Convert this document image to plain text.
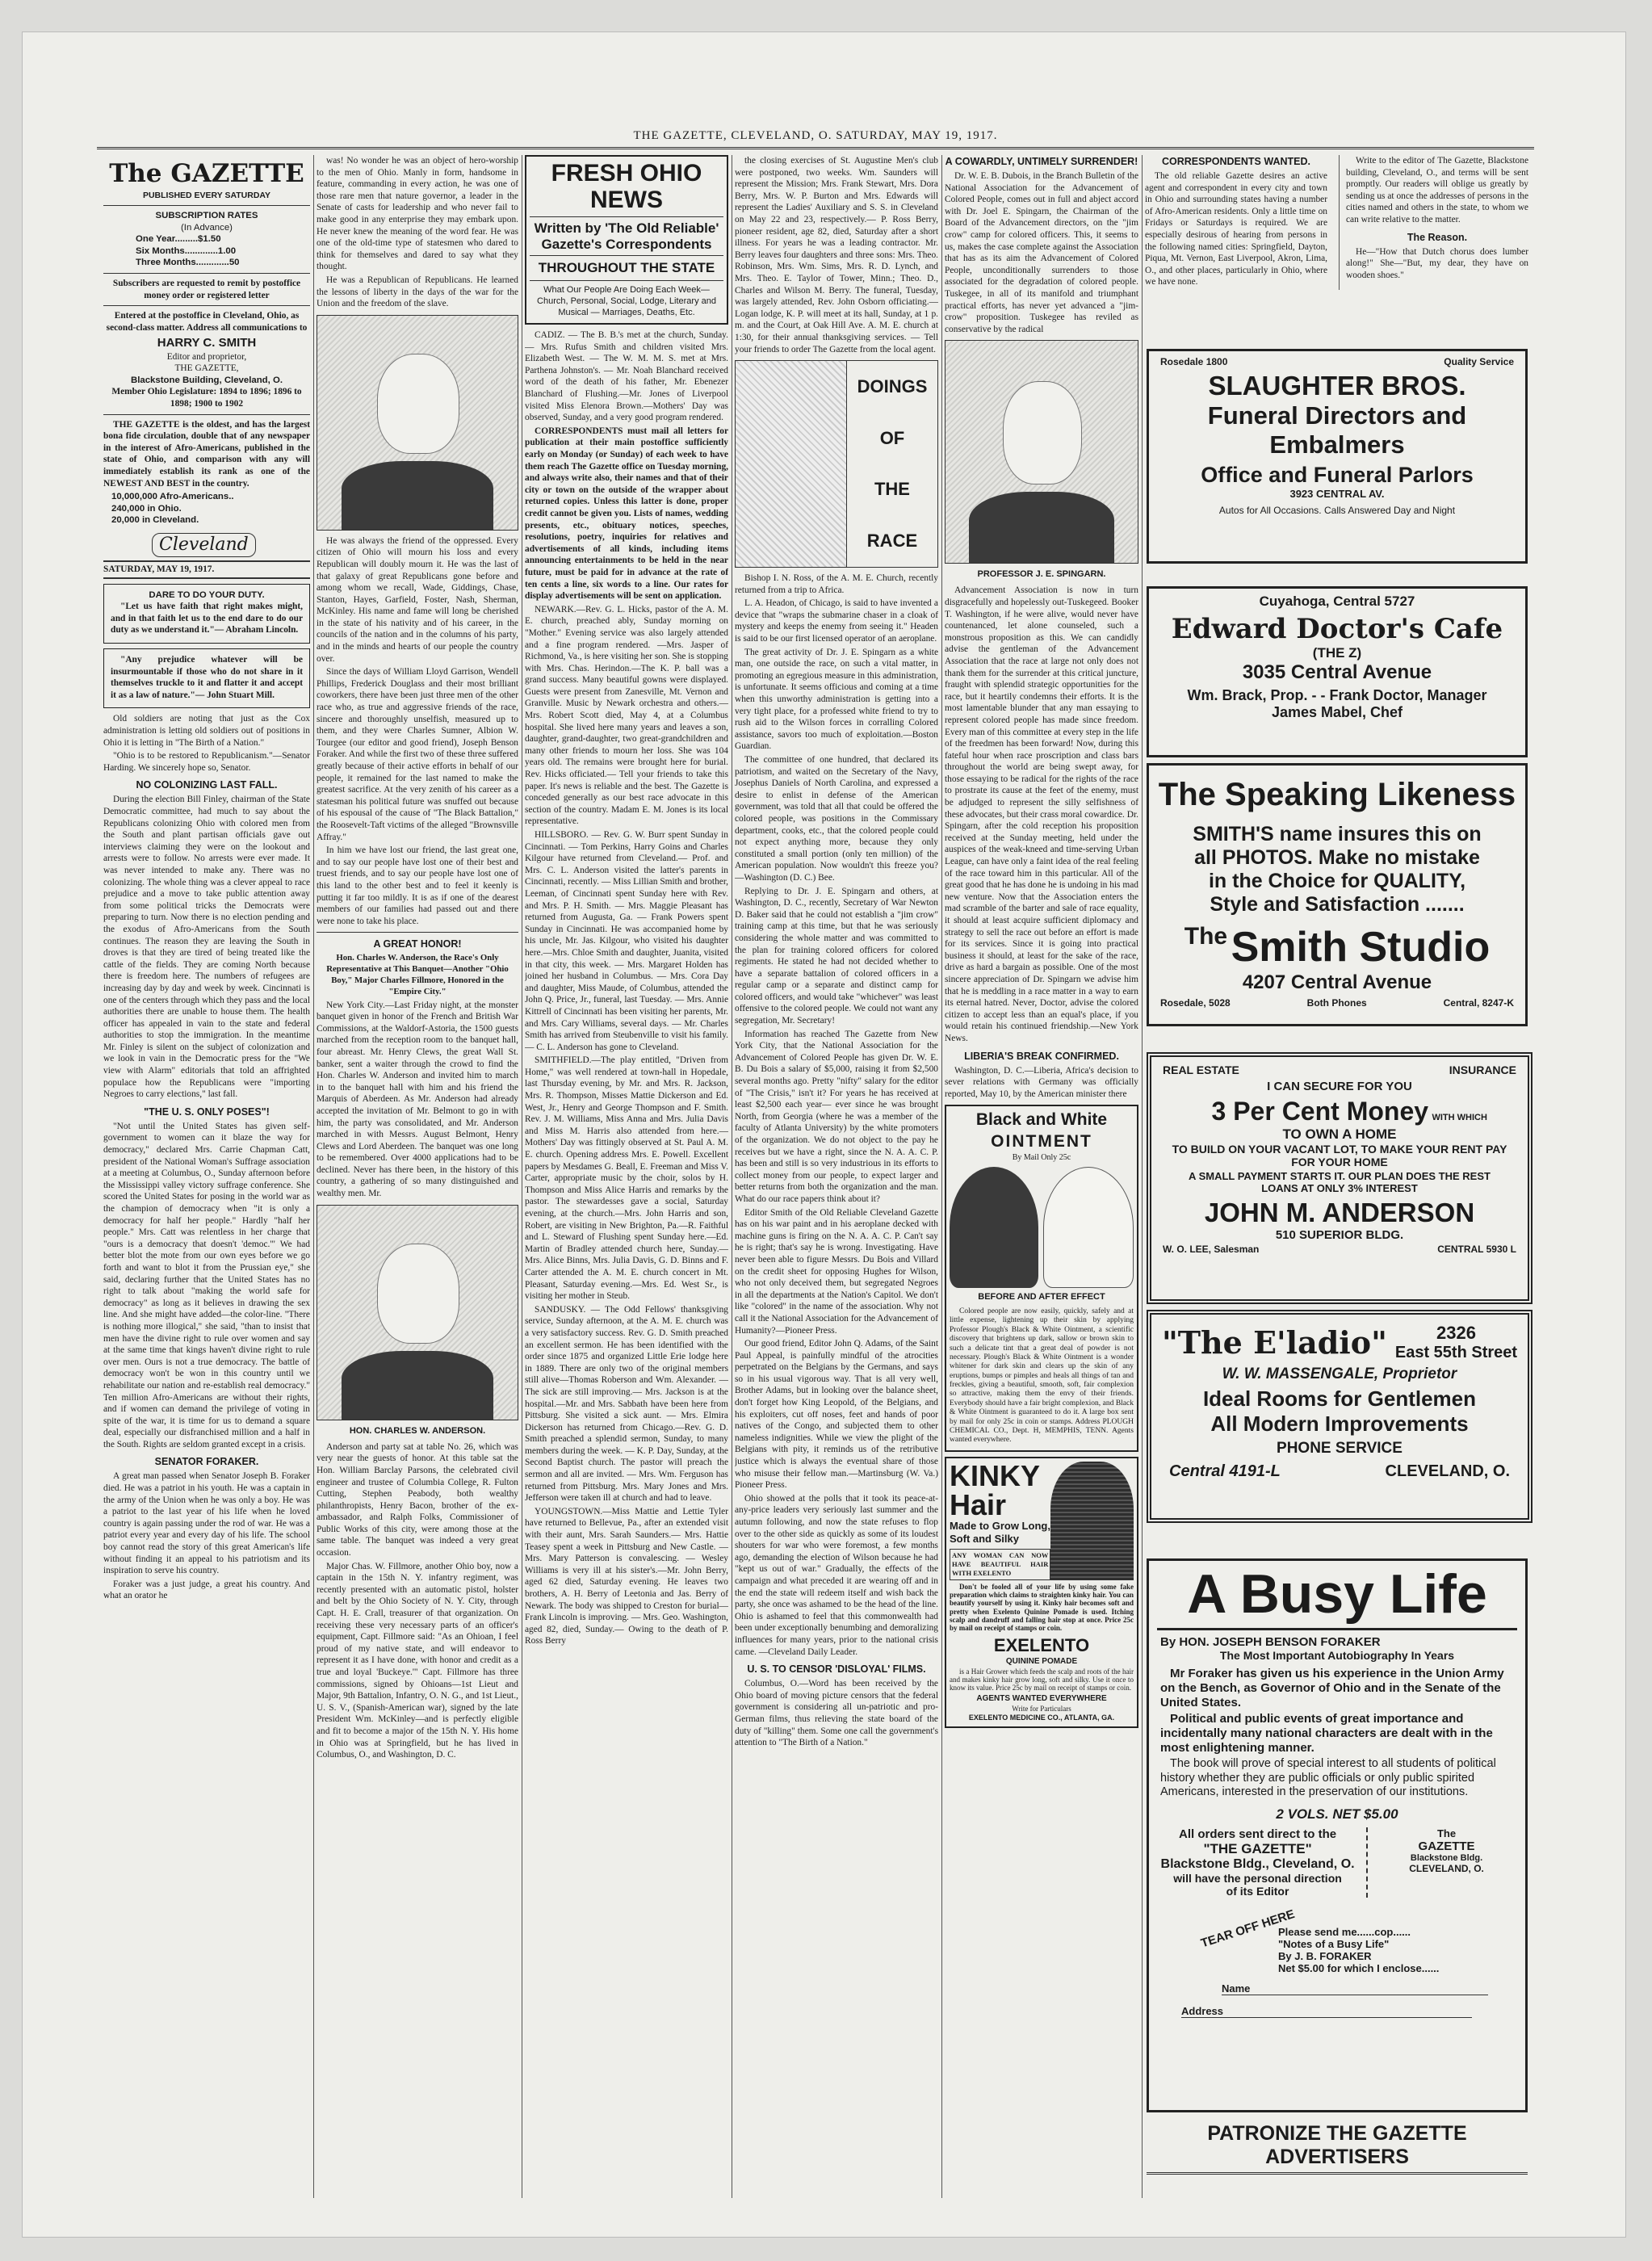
THE GAZETTE, CLEVELAND, O. SATURDAY, MAY 19, 1917.
The GAZETTE
PUBLISHED EVERY SATURDAY
SUBSCRIPTION RATES
(In Advance)
One Year.........$1.50
Six Months.............1.00
Three Months.............50

Subscribers are requested to remit by postoffice money order or registered letter

Entered at the postoffice in Cleveland, Ohio, as second-class matter. Address all communications to

HARRY C. SMITH
Editor and proprietor,
THE GAZETTE,
Blackstone Building, Cleveland, O.

Member Ohio Legislature: 1894 to 1896; 1896 to 1898; 1900 to 1902

THE GAZETTE is the oldest, and has the largest bona fide circulation, double that of any newspaper in the interest of Afro-Americans, published in the state of Ohio, and comparison with any will immediately establish its rank as one of the NEWEST AND BEST in the country.

10,000,000 Afro-Americans..
240,000 in Ohio.
20,000 in Cleveland.
Cleveland
SATURDAY, MAY 19, 1917.
DARE TO DO YOUR DUTY.

"Let us have faith that right makes might, and in that faith let us to the end dare to do our duty as we understand it."— Abraham Lincoln.

"Any prejudice whatever will be insurmountable if those who do not share in it themselves truckle to it and flatter it and accept it as a law of nature."— John Stuart Mill.

Old soldiers are noting that just as the Cox administration is letting old soldiers out of positions in Ohio it is letting in "The Birth of a Nation."

"Ohio is to be restored to Republicanism."—Senator Harding. We sincerely hope so, Senator.

NO COLONIZING LAST FALL.

During the election Bill Finley, chairman of the State Democratic committee, had much to say about the Republicans colonizing Ohio with colored men from the South and plant partisan officials gave out interviews claiming they were on the lookout and arrests were to follow. No arrests were ever made. It was never intended to make any. There was no colonizing. The whole thing was a clever appeal to race prejudice and a move to take public attention away from some political tricks the Democrats were preparing to turn. Now there is no election pending and the exodus of Afro-Americans from the South continues. The reason they are leaving the South in droves is that they are tired of being treated like the cattle of the fields. They are coming North because there is freedom here. The numbers of refugees are increasing day by day and week by week. Cincinnati is one of the centers through which they pass and the local authorities there are unable to house them. The health officer has appealed in vain to the state and federal authorities to stop the immigration. In the meantime Mr. Finley is silent on the subject of colonization and we look in vain in the Democratic press for the "We view with Alarm" editorials that told an affrighted populace how the Republicans were "importing Negroes to carry elections," last fall.

"THE U. S. ONLY POSES"!

"Not until the United States has given self-government to women can it blaze the way for democracy," declared Mrs. Carrie Chapman Catt, president of the National Woman's Suffrage association at a meeting at Columbus, O., Sunday afternoon before the Mississippi valley victory suffrage conference. She scored the United States for posing in the world war as the champion of democracy when "it is only a democracy for half her people." Hardly "half her people." Mrs. Catt was relentless in her charge that "ours is a democracy that doesn't 'democ.'" We had better blot the mote from our own eyes before we go forth and want to blot it from the Prussian eye," she said, declaring further that the United States has no right to talk about "making the world safe for democracy" as long as it believes in drawing the sex line. And she might have added—the color-line. "There is nothing more illogical," she said, "than to insist that men have the divine right to rule over women and say at the same time that kings haven't divine right to rule over men. Ours is not a true democracy. The battle of democracy won't be won in this country until we rehabilitate our nation and re-establish real democracy." Ten million Afro-Americans are without their rights, and if women can demand the privilege of voting in spite of the war, it is time for us to demand a square deal, especially our disfranchised million and a half in the South. Rights are seldom granted except in a crisis.

SENATOR FORAKER.

A great man passed when Senator Joseph B. Foraker died. He was a patriot in his youth. He was a captain in the army of the Union when he was only a boy. He was a patriot to the last year of his life when he loved country is again passing under the rod of war. He was a patriot every year and every day of his life. The school boy cannot read the story of this great American's life without finding it an appeal to his patriotism and its inspiration to serve his country.

Foraker was a just judge, a great his country. And what an orator he

was! No wonder he was an object of hero-worship to the men of Ohio. Manly in form, handsome in feature, commanding in every action, he was one of those rare men that nature governor, a leader in the Senate of casts for leadership and who never fail to make good in any enterprise they may embark upon. He never knew the meaning of the word fear. He was one of the old-time type of statesmen who dared to think for themselves and dared to say what they thought.

He was a Republican of Republicans. He learned the lessons of liberty in the days of the war for the Union and the freedom of the slave.

He was always the friend of the oppressed. Every citizen of Ohio will mourn his loss and every Republican will doubly mourn it. He was the last of that galaxy of great Republicans gone before and among whom we recall, Wade, Giddings, Chase, Stanton, Hayes, Garfield, Foster, Nash, Sherman, McKinley. His name and fame will long be cherished in the state of his nativity and of his career, in the councils of the nation and in the columns of his party, and in the minds and hearts of our people the country over.

Since the days of William Lloyd Garrison, Wendell Phillips, Frederick Douglass and their most brilliant coworkers, there have been just three men of the other race who, as true and aggressive friends of the race, sincere and thoroughly unselfish, measured up to them, and they were Charles Sumner, Albion W. Tourgee (our editor and good friend), Joseph Benson Foraker. And while the first two of these three suffered greatly because of their active efforts in behalf of our people, it remained for the last named to make the greatest sacrifice. At the very zenith of his career as a statesman his political future was snuffed out because of his espousal of the cause of "The Black Battalion," the Roosevelt-Taft victims of the alleged "Brownsville Affray."

In him we have lost our friend, the last great one, and to say our people have lost one of their best and truest friends, and to say our people have lost one of this land to the other best and to feel it keenly is putting it far too mildly. It is as if one of the dearest members of our families had passed out and there were none to take his place.

A GREAT HONOR!

Hon. Charles W. Anderson, the Race's Only Representative at This Banquet—Another "Ohio Boy," Major Charles Fillmore, Honored in the "Empire City."

New York City.—Last Friday night, at the monster banquet given in honor of the French and British War Commissions, at the Waldorf-Astoria, the 1500 guests marched from the reception room to the banquet hall, four abreast. Mr. Henry Clews, the great Wall St. banker, sent a waiter through the crowd to find the Hon. Charles W. Anderson and invited him to march in to the banquet hall with him and his friend the Marquis of Aberdeen. As Mr. Anderson had already accepted the invitation of Mr. Belmont to go in with him, the party was consolidated, and Mr. Anderson marched in with Messrs. August Belmont, Henry Clews and Lord Aberdeen. The banquet was one long to be remembered. Over 4000 applications had to be declined. Never has there been, in the history of this country, a gathering of so many distinguished and wealthy men. Mr.

HON. CHARLES W. ANDERSON.

Anderson and party sat at table No. 26, which was very near the guests of honor. At this table sat the Hon. William Barclay Parsons, the celebrated civil engineer and trustee of Columbia College, R. Fulton Cutting, Stephen Peabody, both wealthy philanthropists, Henry Bacon, brother of the ex-ambassador, and Ralph Folks, Commissioner of Public Works of this city, were among those at the same table. The banquet was indeed a very great occasion.

Major Chas. W. Fillmore, another Ohio boy, now a captain in the 15th N. Y. infantry regiment, was recently presented with an automatic pistol, holster and belt by the Ohio Society of N. Y. City, through Capt. H. E. Crall, treasurer of that organization. On receiving these very necessary parts of an officer's equipment, Capt. Fillmore said: "As an Ohioan, I feel proud of my native state, and will endeavor to represent it as I have done, with honor and credit as a true and loyal 'Buckeye.'" Capt. Fillmore has three commissions, signed by Ohioans—1st Lieut and Major, 9th Battalion, Infantry, O. N. G., and 1st Lieut., U. S. V., (Spanish-American war), signed by the late President Wm. McKinley—and is perfectly eligible and fit to become a major of the 15th N. Y. His home in Ohio was at Springfield, but he has lived in Columbus, O., and Washington, D. C.

FRESH OHIO NEWS
Written by 'The Old Reliable' Gazette's Correspondents
THROUGHOUT THE STATE
What Our People Are Doing Each Week—Church, Personal, Social, Lodge, Literary and Musical — Marriages, Deaths, Etc.

CADIZ. — The B. B.'s met at the church, Sunday. — Mrs. Rufus Smith and children visited Mrs. Elizabeth West. — The W. M. M. S. met at Mrs. Parthena Johnston's. — Mr. Noah Blanchard received word of the death of his father, Mr. Ebenezer Blanchard of Flushing.—Mr. Jones of Liverpool visited Miss Elenora Brown.—Mothers' Day was observed, Sunday, and a very good program rendered.

CORRESPONDENTS must mail all letters for publication at their main postoffice sufficiently early on Monday (or Sunday) of each week to have them reach The Gazette office on Tuesday morning, and always write also, their names and that of their city or town on the outside of the wrapper about returned copies. Unless this latter is done, proper credit cannot be given you. Lists of names, wedding presents, etc., obituary notices, speeches, resolutions, poetry, inquiries for relatives and advertisements of all kinds, including items announcing entertainments to be held in the near future, must be paid for in advance at the rate of ten cents a line, six words to a line. Our rates for display advertisements will be sent on application.

NEWARK.—Rev. G. L. Hicks, pastor of the A. M. E. church, preached ably, Sunday morning on "Mother." Evening service was also largely attended and a fine program rendered. —Mrs. Jasper of Richmond, Va., is here visiting her son. She is stopping with Mrs. Chas. Herindon.—The K. P. ball was a grand success. Many beautiful gowns were displayed. Guests were present from Zanesville, Mt. Vernon and Granville. Music by Newark orchestra and others.—Mrs. Robert Scott died, May 4, at a Columbus hospital. She lived here many years and leaves a son, daughter, grand-daughter, two great-grandchildren and many other friends to mourn her loss. She was 104 years old. The remains were brought here for burial. Rev. Hicks officiated.— Tell your friends to take this paper. It's news is reliable and the best. The Gazette is conceded generally as our best race advocate in this section of the country. Madam E. M. Jones is its local representative.

HILLSBORO. — Rev. G. W. Burr spent Sunday in Cincinnati. — Tom Perkins, Harry Goins and Charles Kilgour have returned from Cleveland.— Prof. and Mrs. C. L. Anderson visited the latter's parents in Cincinnati, recently. — Miss Lillian Smith and brother, Leeman, of Cincinnati spent Sunday here with Rev. and Mrs. P. H. Smith. — Mrs. Maggie Pleasant has returned from Augusta, Ga. — Frank Powers spent Sunday in Cincinnati. He was accompanied home by his uncle, Mr. Jas. Kilgour, who visited his daughter here.—Mrs. Chloe Smith and daughter, Juanita, visited in that city, this week. — Mrs. Margaret Holden has joined her husband in Columbus. — Mrs. Cora Day and daughter, Miss Maude, of Columbus, attended the John Q. Price, Jr., funeral, last Tuesday. — Mrs. Annie Kittrell of Cincinnati has been visiting her parents, Mr. and Mrs. Cary Williams, several days. — Mr. Charles Smith has arrived from Steubenville to visit his family. — C. L. Anderson has gone to Cleveland.

SMITHFIELD.—The play entitled, "Driven from Home," was well rendered at town-hall in Hopedale, last Thursday evening, by Mr. and Mrs. R. Jackson, Mrs. R. Thompson, Misses Mattie Dickerson and Ed. West, Jr., Henry and George Thompson and F. Smith. Rev. J. M. Williams, Miss Anna and Mrs. Julia Davis and Miss M. Harris also attended from here.— Mothers' Day was fittingly observed at St. Paul A. M. E. church. Opening address Mrs. E. Powell. Excellent papers by Mesdames G. Beall, E. Freeman and Miss V. Carter, appropriate music by the choir, solos by H. Thompson and Miss Alice Harris and remarks by the pastor. The stewardesses gave a social, Saturday evening, at the church.—Mrs. John Harris and son, Robert, are visiting in New Brighton, Pa.—R. Faithful and L. Steward of Flushing spent Sunday here.—Ed. Martin of Bradley attended church here, Sunday.—Mrs. Alice Binns, Mrs. Julia Davis, G. D. Binns and F. Carter attended the A. M. E. church concert in Mt. Pleasant, Saturday evening.—Mrs. Ed. West Sr., is visiting her mother in Steub.

SANDUSKY. — The Odd Fellows' thanksgiving service, Sunday afternoon, at the A. M. E. church was a very satisfactory success. Rev. G. D. Smith preached an excellent sermon. He has been identified with the order since 1875 and organized Little Erie lodge here in 1889. There are only two of the original members still alive—Thomas Roberson and Wm. Alexander. — The sick are still improving.— Mrs. Jackson is at the hospital.—Mr. and Mrs. Sabbath have been here from Pittsburg. She visited a sick aunt. — Mrs. Elmira Dickerson has returned from Chicago.—Rev. G. D. Smith preached a splendid sermon, Sunday, to many members during the week. — K. P. Day, Sunday, at the Second Baptist church. The pastor will preach the sermon and all are invited. — Mrs. Wm. Ferguson has returned from Pittsburg. Mrs. Mary Jones and Mrs. Jefferson were taken ill at church and had to leave.

YOUNGSTOWN.—Miss Mattie and Lettie Tyler have returned to Bellevue, Pa., after an extended visit with their aunt, Mrs. Sarah Saunders.— Mrs. Hattie Teasey spent a week in Pittsburg and New Castle. — Mrs. Mary Patterson is convalescing. — Wesley Williams is very ill at his sister's.—Mr. John Berry, aged 62 died, Saturday evening. He leaves two brothers, A. H. Berry of Leetonia and Jas. Berry of Newark. The body was shipped to Creston for burial—Frank Lincoln is improving. — Mrs. Geo. Washington, aged 82, died, Sunday.— Owing to the death of P. Ross Berry

the closing exercises of St. Augustine Men's club were postponed, two weeks. Wm. Saunders will represent the Mission; Mrs. Frank Stewart, Mrs. Dora Berry, Mrs. W. P. Burton and Mrs. Edwards will represent the Ladies' Auxiliary and S. S. in Cleveland on May 22 and 23, respectively.— P. Ross Berry, pioneer resident, age 82, died, Saturday after a short illness. For years he was a leading contractor. Mr. Berry leaves four daughters and three sons: Mrs. Theo. Robinson, Mrs. Wm. Sims, Mrs. R. D. Lynch, and Mrs. Theo. E. Taylor of Tower, Minn.; Theo. D., Charles and Wilson M. Berry. The funeral, Tuesday, was largely attended, Rev. John Osborn officiating.—Logan lodge, K. P. will meet at its hall, Sunday, at 1 p. m. and the Court, at Oak Hill Ave. A. M. E. church at 1:30, for their annual thanksgiving services. — Tell your friends to order The Gazette from the local agent.

DOINGS
OF
THE
RACE

Bishop I. N. Ross, of the A. M. E. Church, recently returned from a trip to Africa.

L. A. Headon, of Chicago, is said to have invented a device that "wraps the submarine chaser in a cloak of mystery and keeps the enemy from seeing it." Headen is said to be our first licensed operator of an aeroplane.

The great activity of Dr. J. E. Spingarn as a white man, one outside the race, on such a vital matter, in promoting an egregious measure in this administration, is unfortunate. It seems officious and coming at a time when this unworthy administration is getting into a very tight place, for a professed white friend to try to rush aid to the Wilson forces in corralling Colored assistance, savors too much of exploitation.—Boston Guardian.

The committee of one hundred, that declared its patriotism, and waited on the Secretary of the Navy, Josephus Daniels of North Carolina, and expressed a desire to enlist in defense of the American government, was told that all that could be offered the colored people, was positions in the Commissary department, cooks, etc., that the colored people could not expect anything more, because they only constituted a small portion (only ten million) of the American population. Now wouldn't this freeze you?—Washington (D. C.) Bee.

Replying to Dr. J. E. Spingarn and others, at Washington, D. C., recently, Secretary of War Newton D. Baker said that he could not establish a "jim crow" training camp at this time, but that he was seriously considering the whole matter and was committed to the plan for training colored officers for colored regiments. He stated he had not decided whether to have a separate battalion of colored officers in a regular camp or a separate and distinct camp for colored officers, and would take "whichever" was least offensive to the colored people. We could not want any segregation, Mr. Secretary!

Information has reached The Gazette from New York City, that the National Association for the Advancement of Colored People has given Dr. W. E. B. Du Bois a salary of $5,000, raising it from $2,500 several months ago. Pretty "nifty" salary for the editor of "The Crisis," isn't it? For years he has received at least $2,500 each year— ever since he was brought North, from Georgia (where he was a member of the faculty of Atlanta University) by the white promoters of the organization. We do not object to the pay he receives but we have a right, since the N. A. A. C. P. has been and still is so very industrious in its efforts to collect money from our people, to expect larger and better returns from both the organization and the man. What do our race papers think about it?

Editor Smith of the Old Reliable Cleveland Gazette has on his war paint and in his aeroplane decked with machine guns is firing on the N. A. A. C. P. Can't say he is right; that's say he is wrong. Investigating. Have never been able to figure Messrs. Du Bois and Villard on the credit sheet for opposing Hughes for Wilson, who not only deceived them, but segregated Negroes in all the departments at the Nation's Capitol. We don't like "colored" in the name of the association. Why not call it the National Association for the Advancement of Humanity?—Pioneer Press.

Our good friend, Editor John Q. Adams, of the Saint Paul Appeal, is painfully mindful of the atrocities perpetrated on the Belgians by the Germans, and says so in his usual vigorous way. That is all very well, Brother Adams, but in looking over the balance sheet, don't forget how King Leopold, of the Belgians, and his exploiters, cut off noses, feet and hands of poor natives of the Congo, and subjected them to other nameless indignities. While we view the plight of the Belgians with pity, it reminds us of the retributive justice which is always the eventual share of those who misuse their fellow man.—Martinsburg (W. Va.) Pioneer Press.

Ohio showed at the polls that it took its peace-at-any-price leaders very seriously last summer and the autumn following, and now the state refuses to flop over to the other side as quickly as some of its loudest shouters for war who were foremost, a few months ago, demanding the election of Wilson because he had "kept us out of war." Gradually, the effects of the campaign and what preceded it are wearing off and in the end the state will redeem itself and wish back the party, she once was ashamed to be the head of the line. Ohio is ashamed to feel that this commonwealth had been under exceptionally benumbing and demoralizing influences for many years, prior to the national crisis came. —Cleveland Daily Leader.

U. S. TO CENSOR 'DISLOYAL' FILMS.

Columbus, O.—Word has been received by the Ohio board of moving picture censors that the federal government is considering all un-patriotic and pro-German films, thus relieving the state board of the duty of "killing" them. Some one call the government's attention to "The Birth of a Nation."

A COWARDLY, UNTIMELY SURRENDER!

Dr. W. E. B. Dubois, in the Branch Bulletin of the National Association for the Advancement of Colored People, comes out in full and abject accord with Dr. Joel E. Spingarn, the Chairman of the Board of the Advancement directors, on the "jim crow" camp for colored officers. This, it seems to us, makes the case complete against the Association that has as its aim the Advancement of Colored People, unconditionally surrenders to those associated for the degradation of colored people. Tuskegee, in all of its manifold and triumphant practical efforts, has never yet advanced a "jim-crow" proposition. Tuskegee has reviled as conservative by the radical

PROFESSOR J. E. SPINGARN.

Advancement Association is now in turn disgracefully and hopelessly out-Tuskegeed. Booker T. Washington, if he were alive, would never have countenanced, let alone counseled, such a monstrous proposition as this. We can candidly advise the gentleman of the Advancement Association that the race at large not only does not thank them for the surrender at this critical juncture, fraught with splendid strategic opportunities for the race, but it heartily condemns their efforts. It is the most lamentable blunder that any man essaying to represent colored people has made since freedom. Every man of this committee at every step in the life of the freedmen has been forward! Now, during this fateful hour when race proscription and class bars throughout the world are being swept away, for those essaying to be radical for the rights of the race to prostrate its cause at the feet of the enemy, must be adjudged to represent the silly selfishness of these advocates, but their crass moral cowardice. Dr. Spingarn, after the cold reception his proposition received at the Sunday meeting, held under the auspices of the weak-kneed and time-serving Urban League, can have only a faint idea of the real feeling of the race toward him in this particular. All of the great good that he has done he is undoing in his mad new venture. Now that the Association enters the mad scramble of the barter and sale of race equality, it should at least acquire sufficient diplomacy and strategy to sell the race out before an effort is made for its services. Since it is going into practical business it should, at least for the sake of the race, drive as hard a bargain as possible. One of the most sincere appreciation of Dr. Spingarn we advise him that he is meddling in a race matter in a way to earn its eternal hatred. Never, Doctor, advise the colored citizen to accept less than an equal's place, if you would retain his continued friendship.—New York News.

LIBERIA'S BREAK CONFIRMED.

Washington, D. C.—Liberia, Africa's decision to sever relations with Germany was officially reported, May 10, by the American minister there

Black and White
OINTMENT
By Mail Only 25c
BEFORE AND AFTER EFFECT

Colored people are now easily, quickly, safely and at little expense, lightening up their skin by applying Professor Plough's Black & White Ointment, a scientific discovery that brightens up dark, sallow or brown skin to such a delicate tint that a great deal of powder is not necessary. Plough's Black & White Ointment is a wonder whitener for dark skin and clears up the skin of any eruptions, bumps or pimples and heals all things of tan and freckles, giving a beautiful, smooth, soft, fair complexion so attractive, making them the envy of their friends. Everybody should have a fair bright complexion, and Black & White Ointment is guaranteed to do it. A large box sent by mail for only 25c in coin or stamps. Address PLOUGH CHEMICAL CO., Dept. H, MEMPHIS, TENN. Agents wanted everywhere.

KINKY
Hair
Made to Grow Long, Soft and Silky
ANY WOMAN CAN NOW HAVE BEAUTIFUL HAIR WITH EXELENTO

Don't be fooled all of your life by using some fake preparation which claims to straighten kinky hair. You can beautify yourself by using it. Kinky hair becomes soft and pretty when Exelento Quinine Pomade is used. Itching scalp and dandruff and falling hair stop at once. Price 25c by mail on receipt of stamps or coin.

EXELENTO
QUININE POMADE

is a Hair Grower which feeds the scalp and roots of the hair and makes kinky hair grow long, soft and silky. Use it once to know its value. Price 25c by mail on receipt of stamps or coin.

AGENTS WANTED EVERYWHERE
Write for Particulars
EXELENTO MEDICINE CO., ATLANTA, GA.
CORRESPONDENTS WANTED.

The old reliable Gazette desires an active agent and correspondent in every city and town in Ohio and surrounding states having a number of Afro-American residents. Only a little time on Fridays or Saturdays is required. We are especially desirous of hearing from persons in the following named cities: Springfield, Dayton, Piqua, Mt. Vernon, East Liverpool, Akron, Lima, O., and other places, particularly in Ohio, where we have none.

Write to the editor of The Gazette, Blackstone building, Cleveland, O., and terms will be sent promptly. Our readers will oblige us greatly by sending us at once the addresses of persons in the cities named and others in the state, to whom we can write relative to the matter.

The Reason.

He—"How that Dutch chorus does lumber along!" She—"But, my dear, they have on wooden shoes."

Rosedale 1800	Quality Service
SLAUGHTER BROS.
Funeral Directors and
Embalmers
Office and Funeral Parlors
3923 CENTRAL AV.
Autos for All Occasions. Calls Answered Day and Night
Cuyahoga, Central 5727
Edward Doctor's Cafe
(THE Z)
3035 Central Avenue
Wm. Brack, Prop. - - Frank Doctor, Manager
James Mabel, Chef
The Speaking Likeness
SMITH'S name insures this on
all PHOTOS. Make no mistake
in the Choice for QUALITY,
Style and Satisfaction .......
The Smith Studio
4207 Central Avenue
Rosedale, 5028	Both Phones	Central, 8247-K
REAL ESTATE	INSURANCE
I CAN SECURE FOR YOU
3 Per Cent Money WITH WHICH
TO OWN A HOME
TO BUILD ON YOUR VACANT LOT, TO MAKE YOUR RENT PAY FOR YOUR HOME
A SMALL PAYMENT STARTS IT. OUR PLAN DOES THE REST
LOANS AT ONLY 3% INTEREST
JOHN M. ANDERSON
510 SUPERIOR BLDG.
W. O. LEE, Salesman	CENTRAL 5930 L
"The E'ladio"	2326
East 55th Street
W. W. MASSENGALE, Proprietor
Ideal Rooms for Gentlemen
All Modern Improvements
PHONE SERVICE
Central 4191-L	CLEVELAND, O.
A Busy Life
By HON. JOSEPH BENSON FORAKER
The Most Important Autobiography In Years

Mr Foraker has given us his experience in the Union Army on the Bench, as Governor of Ohio and in the Senate of the United States.

Political and public events of great importance and incidentally many national characters are dealt with in the most enlightening manner.

The book will prove of special interest to all students of political history whether they are public officials or only public spirited Americans, interested in the preservation of our institutions.

2 VOLS. NET $5.00
All orders sent direct to the
"THE GAZETTE"
Blackstone Bldg., Cleveland, O.
will have the personal direction
of its Editor
The
GAZETTE
Blackstone Bldg.
CLEVELAND, O.
TEAR OFF HERE
Please send me......cop......
"Notes of a Busy Life"
By J. B. FORAKER
Net $5.00 for which I enclose......
Name
Address
PATRONIZE THE GAZETTE ADVERTISERS
